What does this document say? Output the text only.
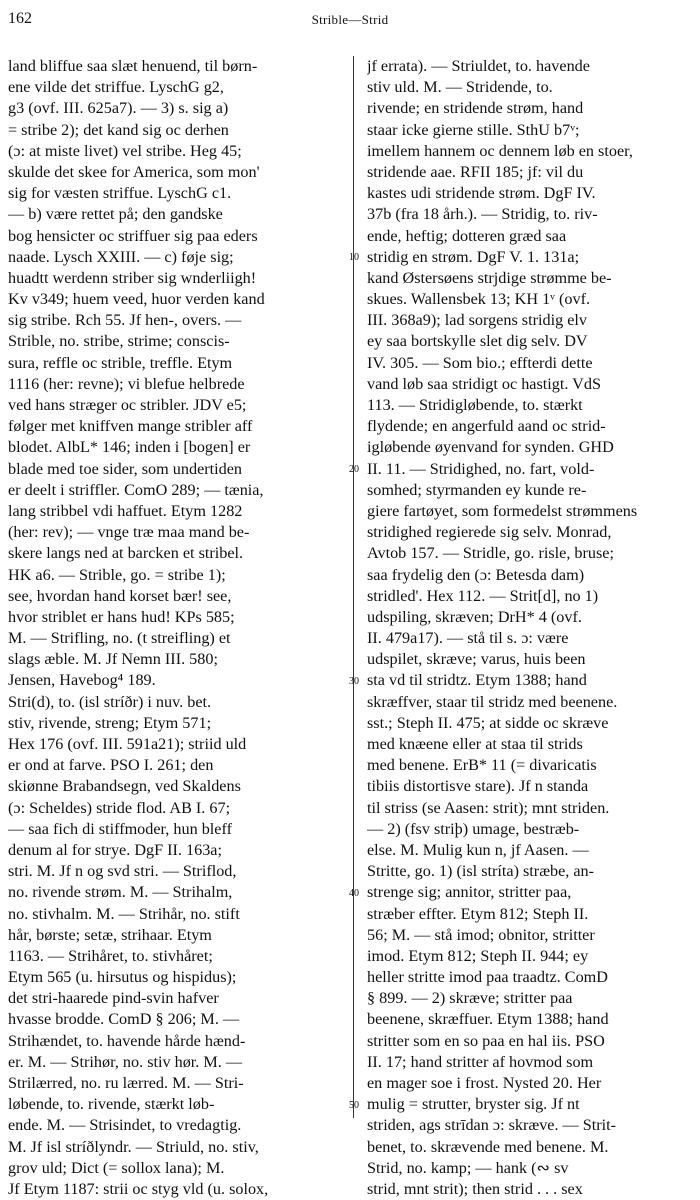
162	Strible—Strid
land bliffue saa slæt henuend, til børn-
ene vilde det striffue. LyschG g2,
g3 (ovf. III. 625a7). — 3) s. sig a)
= stribe 2); det kand sig oc derhen
(ɔ: at miste livet) vel stribe. Heg 45;
skulde det skee for America, som mon'
sig for væsten striffue. LyschG c1.
— b) være rettet på; den gandske
bog hensicter oc striffuer sig paa eders
naade. Lysch XXIII. — c) føje sig;
huadtt werdenn striber sig wnderliigh!
Kv v349; huem veed, huor verden kand
sig stribe. Rch 55. Jf hen-, overs. —
Strible, no. stribe, strime; conscis-
sura, reffle oc strible, treffle. Etym
1116 (her: revne); vi blefue helbrede
ved hans stræger oc stribler. JDV e5;
følger met kniffven mange stribler aff
blodet. AlbL* 146; inden i [bogen] er
blade med toe sider, som undertiden
er deelt i striffler. ComO 289; — tænia,
lang stribbel vdi haffuet. Etym 1282
(her: rev); — vnge træ maa mand be-
skere langs ned at barcken et stribel.
HK a6. — Strible, go. = stribe 1);
see, hvordan hand korset bær! see,
hvor striblet er hans hud! KPs 585;
M. — Strifling, no. (t streifling) et
slags æble. M. Jf Nemn III. 580;
Jensen, Havebog⁴ 189.
Stri(d), to. (isl stríðr) i nuv. bet.
stiv, rivende, streng; Etym 571;
Hex 176 (ovf. III. 591a21); striid uld
er ond at farve. PSO I. 261; den
skiønne Brabandsegn, ved Skaldens
(ɔ: Scheldes) stride flod. AB I. 67;
— saa fich di stiffmoder, hun bleff
denum al for strye. DgF II. 163a;
stri. M. Jf n og svd stri. — Striflod,
no. rivende strøm. M. — Strihalm,
no. stivhalm. M. — Strihår, no. stift
hår, børste; setæ, strihaar. Etym
1163. — Strihåret, to. stivhåret;
Etym 565 (u. hirsutus og hispidus);
det stri-haarede pind-svin hafver
hvasse brodde. ComD § 206; M. —
Strihændet, to. havende hårde hænd-
er. M. — Strihør, no. stiv hør. M. —
Strilærred, no. ru lærred. M. — Stri-
løbende, to. rivende, stærkt løb-
ende. M. — Strisindet, to vredagtig.
M. Jf isl stríðlyndr. — Striuld, no. stiv,
grov uld; Dict (= sollox lana); M.
Jf Etym 1187: strii oc styg vld (u. solox,
10
20
30
40
50
jf errata). — Striuldet, to. havende
stiv uld. M. — Stridende, to.
rivende; en stridende strøm, hand
staar icke gierne stille. SthU b7ᵛ;
imellem hannem oc dennem løb en stoer,
stridende aae. RFII 185; jf: vil du
kastes udi stridende strøm. DgF IV.
37b (fra 18 årh.). — Stridig, to. riv-
ende, heftig; dotteren græd saa
stridig en strøm. DgF V. 1. 131a;
kand Østersøens strjdige strømme be-
skues. Wallensbek 13; KH 1ᵛ (ovf.
III. 368a9); lad sorgens stridig elv
ey saa bortskylle slet dig selv. DV
IV. 305. — Som bio.; effterdi dette
vand løb saa stridigt oc hastigt. VdS
113. — Stridigløbende, to. stærkt
flydende; en angerfuld aand oc strid-
igløbende øyenvand for synden. GHD
II. 11. — Stridighed, no. fart, vold-
somhed; styrmanden ey kunde re-
giere fartøyet, som formedelst strømmens
stridighed regierede sig selv. Monrad,
Avtob 157. — Stridle, go. risle, bruse;
saa frydelig den (ɔ: Betesda dam)
stridled'. Hex 112. — Strit[d], no 1)
udspiling, skræven; DrH* 4 (ovf.
II. 479a17). — stå til s. ɔ: være
udspilet, skræve; varus, huis been
sta vd til stridtz. Etym 1388; hand
skræffver, staar til stridz med beenene.
sst.; Steph II. 475; at sidde oc skræve
med knæene eller at staa til strids
med benene. ErB* 11 (= divaricatis
tibiis distortisve stare). Jf n standa
til striss (se Aasen: strit); mnt striden.
— 2) (fsv striþ) umage, bestræb-
else. M. Mulig kun n, jf Aasen. —
Stritte, go. 1) (isl stríta) stræbe, an-
strenge sig; annitor, stritter paa,
stræber effter. Etym 812; Steph II.
56; M. — stå imod; obnitor, stritter
imod. Etym 812; Steph II. 944; ey
heller stritte imod paa traadtz. ComD
§ 899. — 2) skræve; stritter paa
beenene, skræffuer. Etym 1388; hand
stritter som en so paa en hal iis. PSO
II. 17; hand stritter af hovmod som
en mager soe i frost. Nysted 20. Her
mulig = strutter, bryster sig. Jf nt
striden, ags strīdan ɔ: skræve. — Strit-
benet, to. skrævende med benene. M.
Strid, no. kamp; — hank (∾ sv
strid, mnt strit); then strid . . . sex
